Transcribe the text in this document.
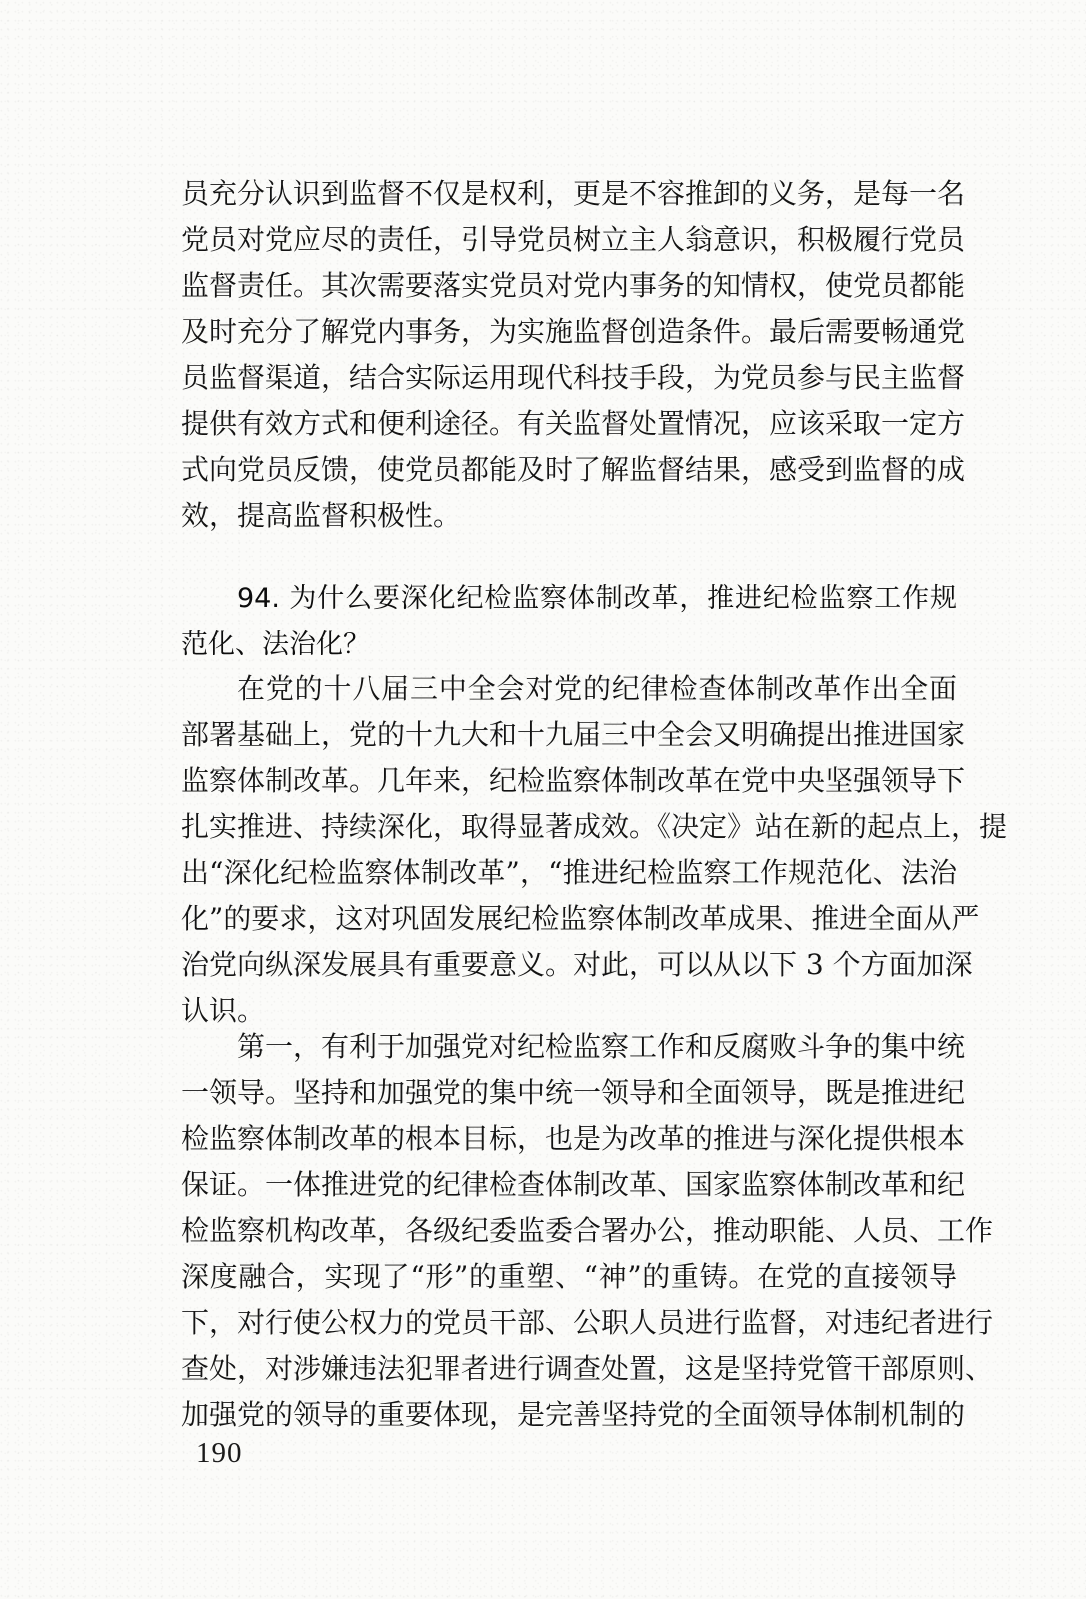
员充分认识到监督不仅是权利，更是不容推卸的义务，是每一名
党员对党应尽的责任，引导党员树立主人翁意识，积极履行党员
监督责任。其次需要落实党员对党内事务的知情权，使党员都能
及时充分了解党内事务，为实施监督创造条件。最后需要畅通党
员监督渠道，结合实际运用现代科技手段，为党员参与民主监督
提供有效方式和便利途径。有关监督处置情况，应该采取一定方
式向党员反馈，使党员都能及时了解监督结果，感受到监督的成
效，提高监督积极性。
94. 为什么要深化纪检监察体制改革，推进纪检监察工作规
范化、法治化？
在党的十八届三中全会对党的纪律检查体制改革作出全面
部署基础上，党的十九大和十九届三中全会又明确提出推进国家
监察体制改革。几年来，纪检监察体制改革在党中央坚强领导下
扎实推进、持续深化，取得显著成效。《决定》站在新的起点上，提
出“深化纪检监察体制改革”，“推进纪检监察工作规范化、法治
化”的要求，这对巩固发展纪检监察体制改革成果、推进全面从严
治党向纵深发展具有重要意义。对此，可以从以下 3 个方面加深
认识。
第一，有利于加强党对纪检监察工作和反腐败斗争的集中统
一领导。坚持和加强党的集中统一领导和全面领导，既是推进纪
检监察体制改革的根本目标，也是为改革的推进与深化提供根本
保证。一体推进党的纪律检查体制改革、国家监察体制改革和纪
检监察机构改革，各级纪委监委合署办公，推动职能、人员、工作
深度融合，实现了“形”的重塑、“神”的重铸。在党的直接领导
下，对行使公权力的党员干部、公职人员进行监督，对违纪者进行
查处，对涉嫌违法犯罪者进行调查处置，这是坚持党管干部原则、
加强党的领导的重要体现，是完善坚持党的全面领导体制机制的
190
